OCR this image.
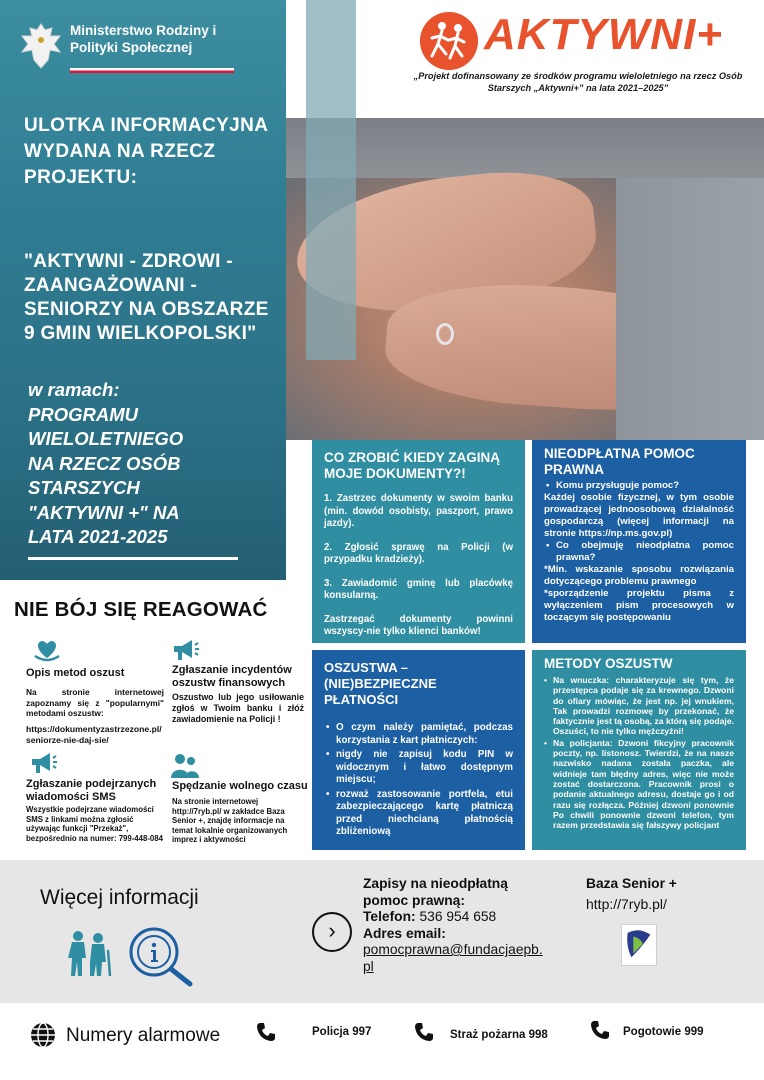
Ministerstwo Rodziny i Polityki Społecznej
ULOTKA INFORMACYJNA WYDANA NA RZECZ PROJEKTU:
"AKTYWNI - ZDROWI - ZAANGAŻOWANI - SENIORZY NA OBSZARZE 9 GMIN WIELKOPOLSKI"
w ramach:
PROGRAMU
WIELOLETNIEGO
NA RZECZ OSÓB
STARSZYCH
"AKTYWNI +" NA
LATA 2021-2025
AKTYWNI+
„Projekt dofinansowany ze środków programu wieloletniego na rzecz Osób Starszych „Aktywni+” na lata 2021–2025”
CO ZROBIĆ KIEDY ZAGINĄ MOJE DOKUMENTY?!
1. Zastrzec dokumenty w swoim banku (min. dowód osobisty, paszport, prawo jazdy).
2. Zgłosić sprawę na Policji (w przypadku kradzieży).
3. Zawiadomić gminę lub placówkę konsularną.
Zastrzegać dokumenty powinni wszyscy-nie tylko klienci banków!
NIEODPŁATNA POMOC PRAWNA
• Komu przysługuje pomoc?
Każdej osobie fizycznej, w tym osobie prowadzącej jednoosobową działalność gospodarczą (więcej informacji na stronie https://np.ms.gov.pl)
• Co obejmuję nieodpłatna pomoc prawna?
*Min. wskazanie sposobu rozwiązania dotyczącego problemu prawnego
*sporządzenie projektu pisma z wyłączeniem pism procesowych w toczącym się postępowaniu
OSZUSTWA – (NIE)BEZPIECZNE PŁATNOŚCI
• O czym należy pamiętać, podczas korzystania z kart płatniczych:
• nigdy nie zapisuj kodu PIN w widocznym i łatwo dostępnym miejscu;
• rozważ zastosowanie portfela, etui zabezpieczającego kartę płatniczą przed niechcianą płatnością zbliżeniową
METODY OSZUSTW
• Na wnuczka: charakteryzuje się tym, że przestępca podaje się za krewnego. Dzwoni do ofiary mówiąc, że jest np. jej wnukiem, Tak prowadzi rozmowę by przekonać, że faktycznie jest tą osobą, za którą się podaje. Oszuści, to nie tylko mężczyźni!
• Na policjanta: Dzwoni fikcyjny pracownik poczty, np. listonosz. Twierdzi, że na nasze nazwisko nadana została paczka, ale widnieje tam błędny adres, więc nie może zostać dostarczona. Pracownik prosi o podanie aktualnego adresu, dostaje go i od razu się rozłącza. Później dzwoni ponownie Po chwili ponownie dzwoni telefon, tym razem przedstawia się fałszywy policjant
NIE BÓJ SIĘ REAGOWAĆ
Opis metod oszust
Na stronie internetowej zapoznamy się z "popularnymi" metodami oszustw:
https://dokumentyzastrzezone.pl/seniorze-nie-daj-sie/
Zgłaszanie incydentów oszustw finansowych
Oszustwo lub jego usiłowanie zgłoś w Twoim banku i złóż zawiadomienie na Policji !
Zgłaszanie podejrzanych wiadomości SMS
Wszystkie podejrzane wiadomości SMS z linkami można zgłosić używając funkcji "Przekaż", bezpośrednio na numer: 799-448-084
Spędzanie wolnego czasu
Na stronie internetowej http://7ryb.pl/ w zakładce Baza Senior +, znajdę informacje na temat lokalnie organizowanych imprez i aktywności
Więcej informacji
›
Zapisy na nieodpłatną pomoc prawną:
Telefon: 536 954 658
Adres email:
pomocprawna@fundacjaepb.pl
Baza Senior +
http://7ryb.pl/
Numery alarmowe	Policja 997	Straż pożarna 998	Pogotowie 999
